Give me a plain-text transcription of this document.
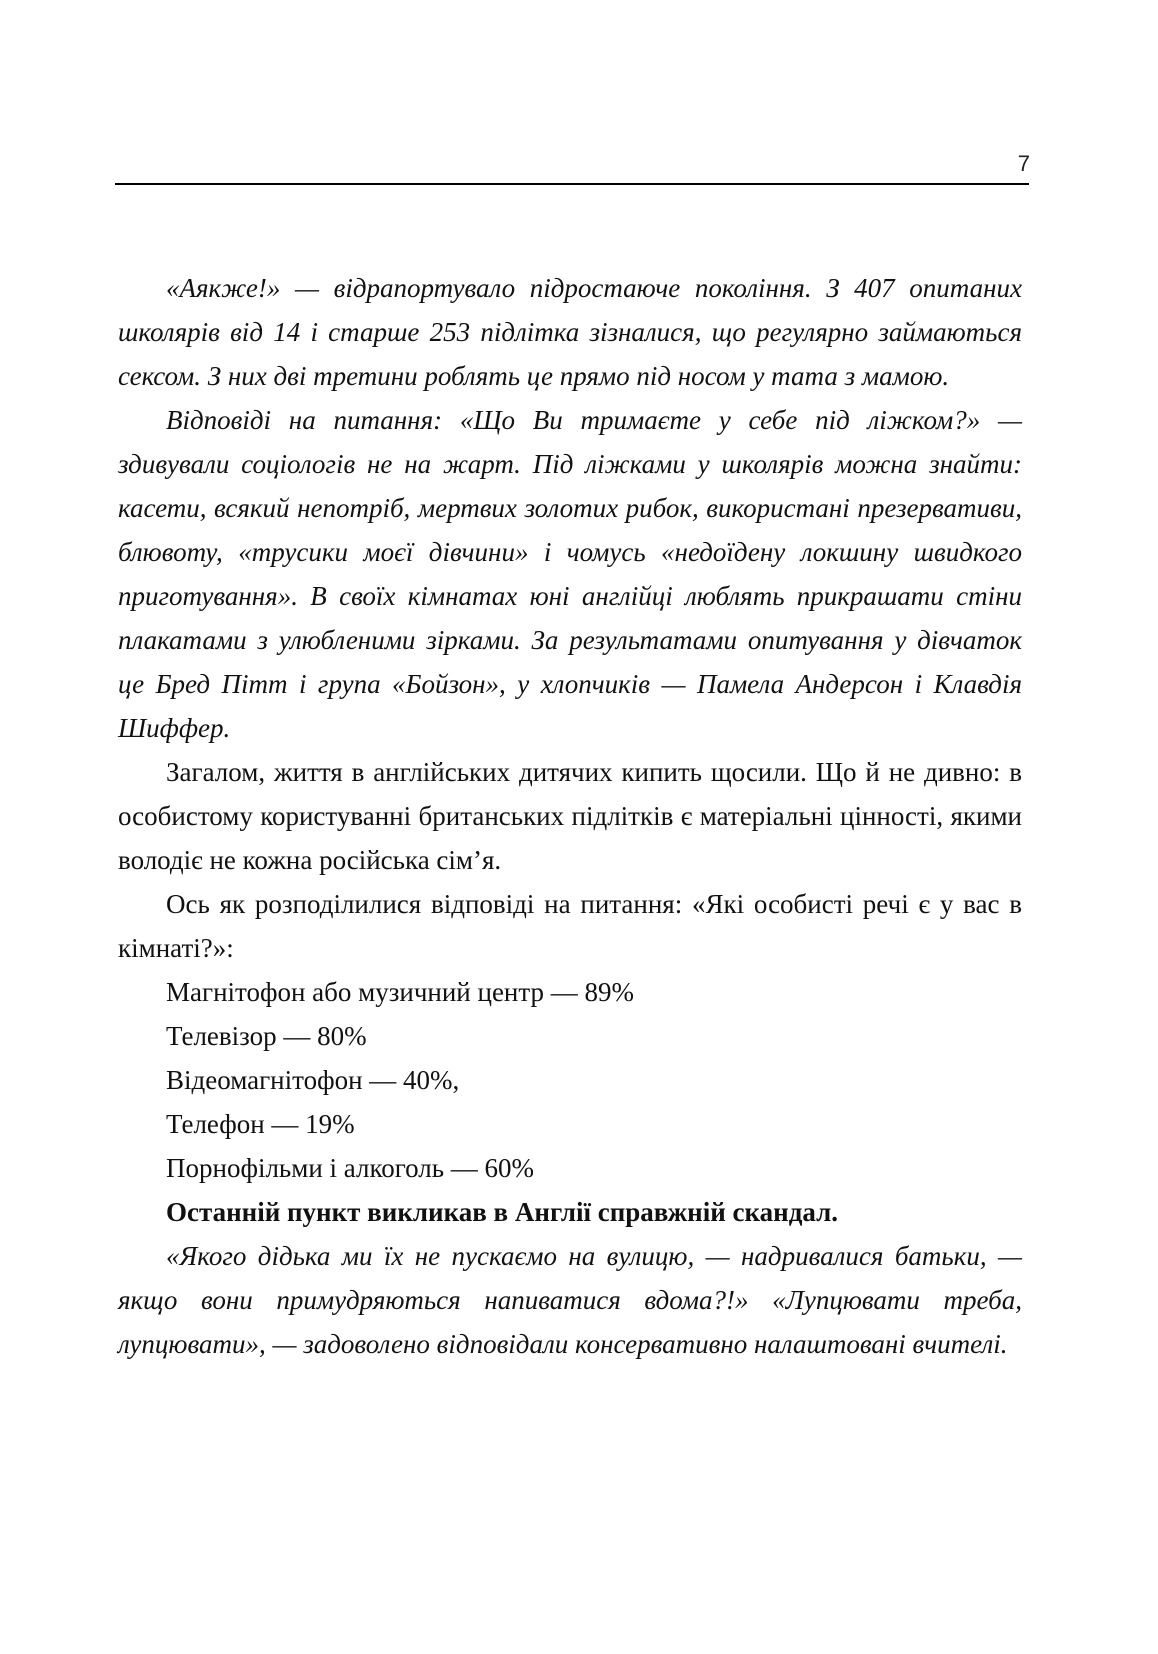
7

«Аякже!» — відрапортувало підростаюче покоління. З 407 опитаних школярів від 14 і старше 253 підлітка зізналися, що регулярно займаються сексом. З них дві третини роблять це прямо під носом у тата з мамою.

Відповіді на питання: «Що Ви тримаєте у себе під ліжком?» — здивували соціологів не на жарт. Під ліжками у школярів можна знайти: касети, всякий непотріб, мертвих золотих рибок, використані презервативи, блювоту, «трусики моєї дівчини» і чомусь «недоїдену локшину швидкого приготування». В своїх кімнатах юні англійці люблять прикрашати стіни плакатами з улюбленими зірками. За результатами опитування у дівчаток це Бред Пітт і група «Бойзон», у хлопчиків — Памела Андерсон і Клавдія Шиффер.

Загалом, життя в англійських дитячих кипить щосили. Що й не дивно: в особистому користуванні британських підлітків є матеріальні цінності, якими володіє не кожна російська сім’я.

Ось як розподілилися відповіді на питання: «Які особисті речі є у вас в кімнаті?»:

Магнітофон або музичний центр — 89%

Телевізор — 80%

Відеомагнітофон — 40%,

Телефон — 19%

Порнофільми і алкоголь — 60%

Останній пункт викликав в Англії справжній скандал.

«Якого дідька ми їх не пускаємо на вулицю, — надривалися батьки, — якщо вони примудряються напиватися вдома?!» «Лупцювати треба, лупцювати», — задоволено відповідали консервативно налаштовані вчителі.
